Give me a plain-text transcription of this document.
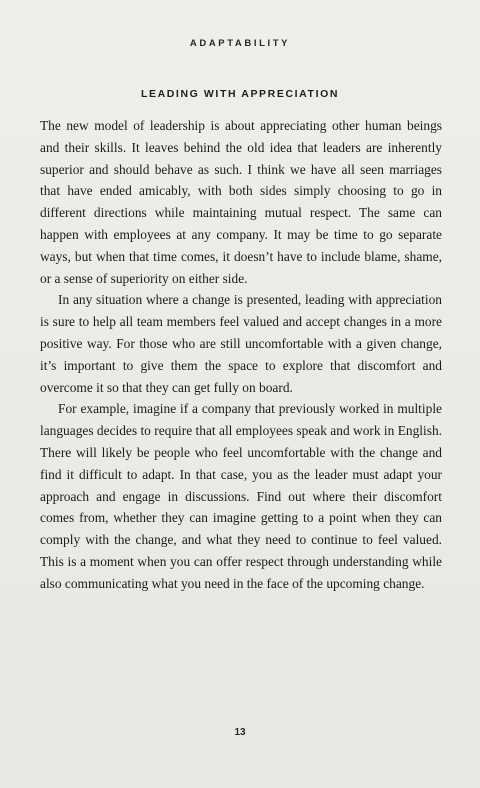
ADAPTABILITY
LEADING WITH APPRECIATION

The new model of leadership is about appreciating other human beings and their skills. It leaves behind the old idea that leaders are inherently superior and should behave as such. I think we have all seen marriages that have ended amicably, with both sides simply choosing to go in different directions while maintaining mutual respect. The same can happen with employees at any company. It may be time to go separate ways, but when that time comes, it doesn’t have to include blame, shame, or a sense of superiority on either side.

In any situation where a change is presented, leading with appreciation is sure to help all team members feel valued and accept changes in a more positive way. For those who are still uncomfortable with a given change, it’s important to give them the space to explore that discomfort and overcome it so that they can get fully on board.

For example, imagine if a company that previously worked in multiple languages decides to require that all employees speak and work in English. There will likely be people who feel uncomfortable with the change and find it difficult to adapt. In that case, you as the leader must adapt your approach and engage in discussions. Find out where their discomfort comes from, whether they can imagine getting to a point when they can comply with the change, and what they need to continue to feel valued. This is a moment when you can offer respect through understanding while also communicating what you need in the face of the upcoming change.

13
